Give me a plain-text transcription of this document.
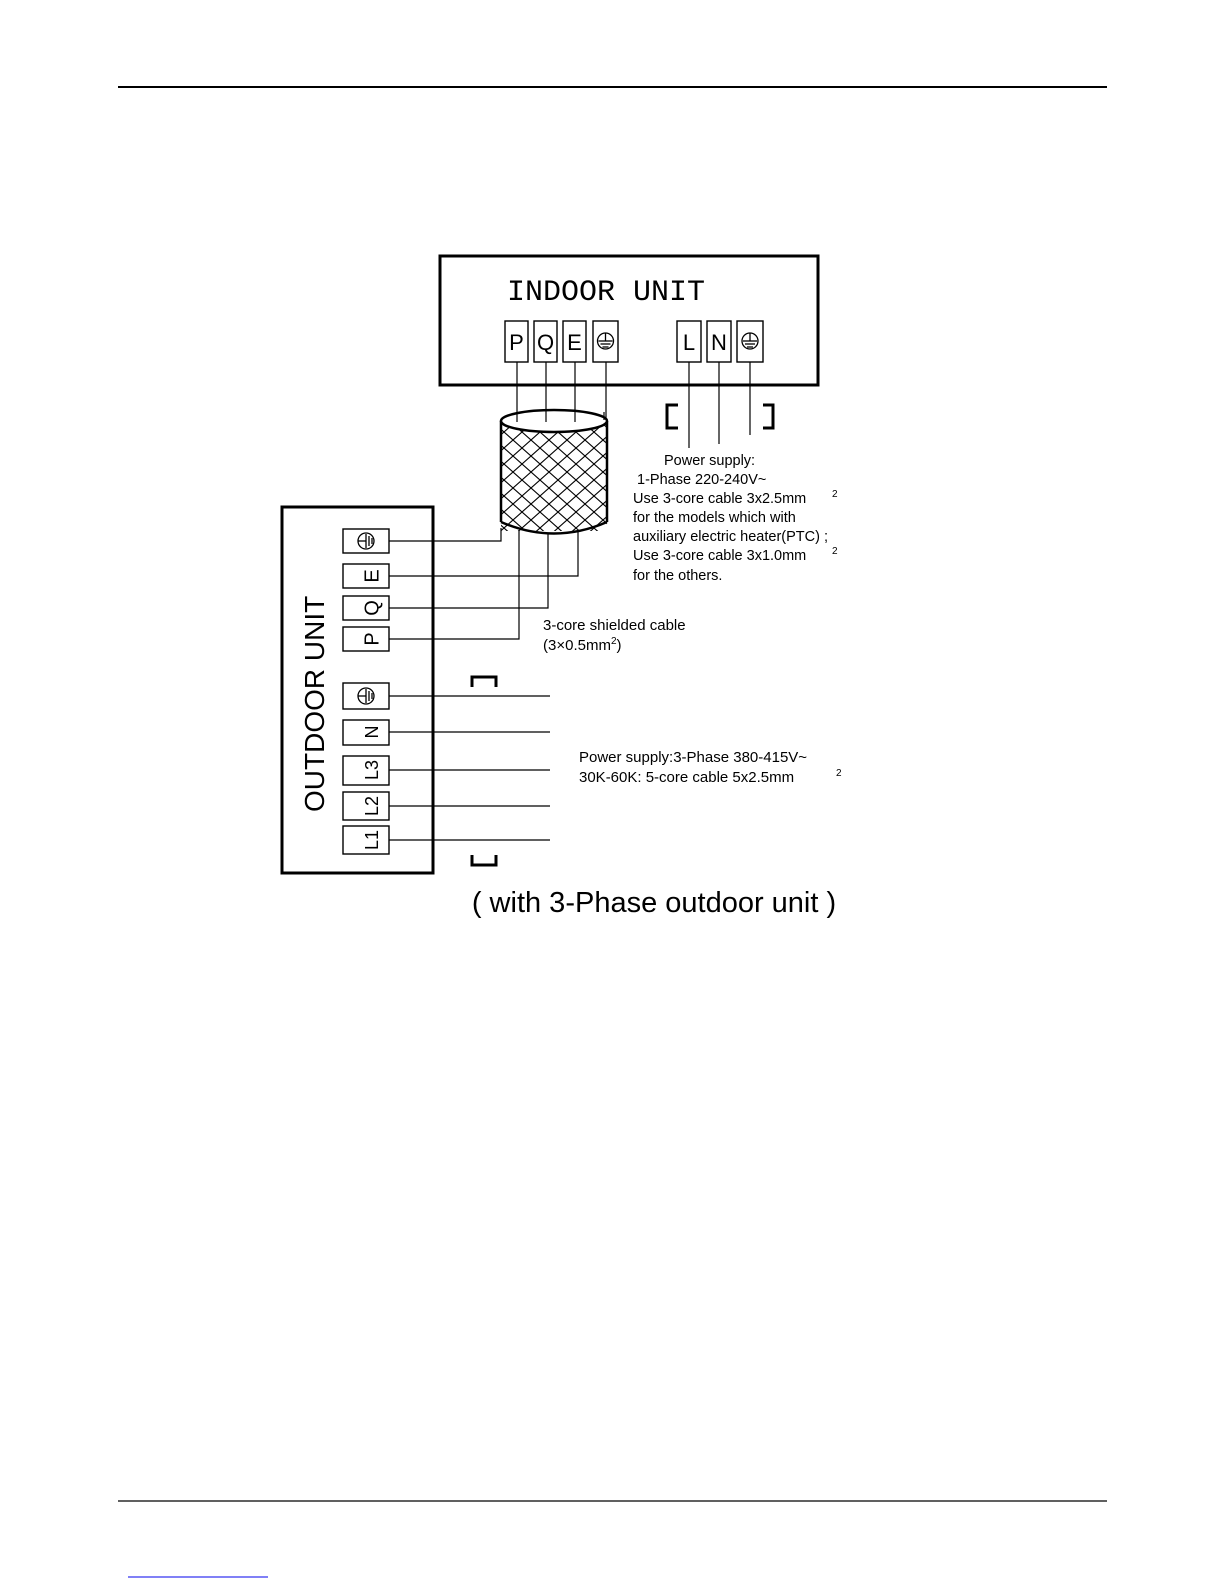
INDOOR UNIT
P Q E	L N
OUTDOOR UNIT
E
Q
P
N
L3
L2
L1
Power supply:
1-Phase 220-240V~
Use 3-core cable 3x2.5mm	2
for the models which with
auxiliary electric heater(PTC) ;
Use 3-core cable 3x1.0mm	2
for the others.
3-core shielded cable
$(3\times 0.5mm^2)$
Power supply:3-Phase 380-415V~
30K-60K: 5-core cable 5x2.5mm	2
( with 3-Phase outdoor unit )
